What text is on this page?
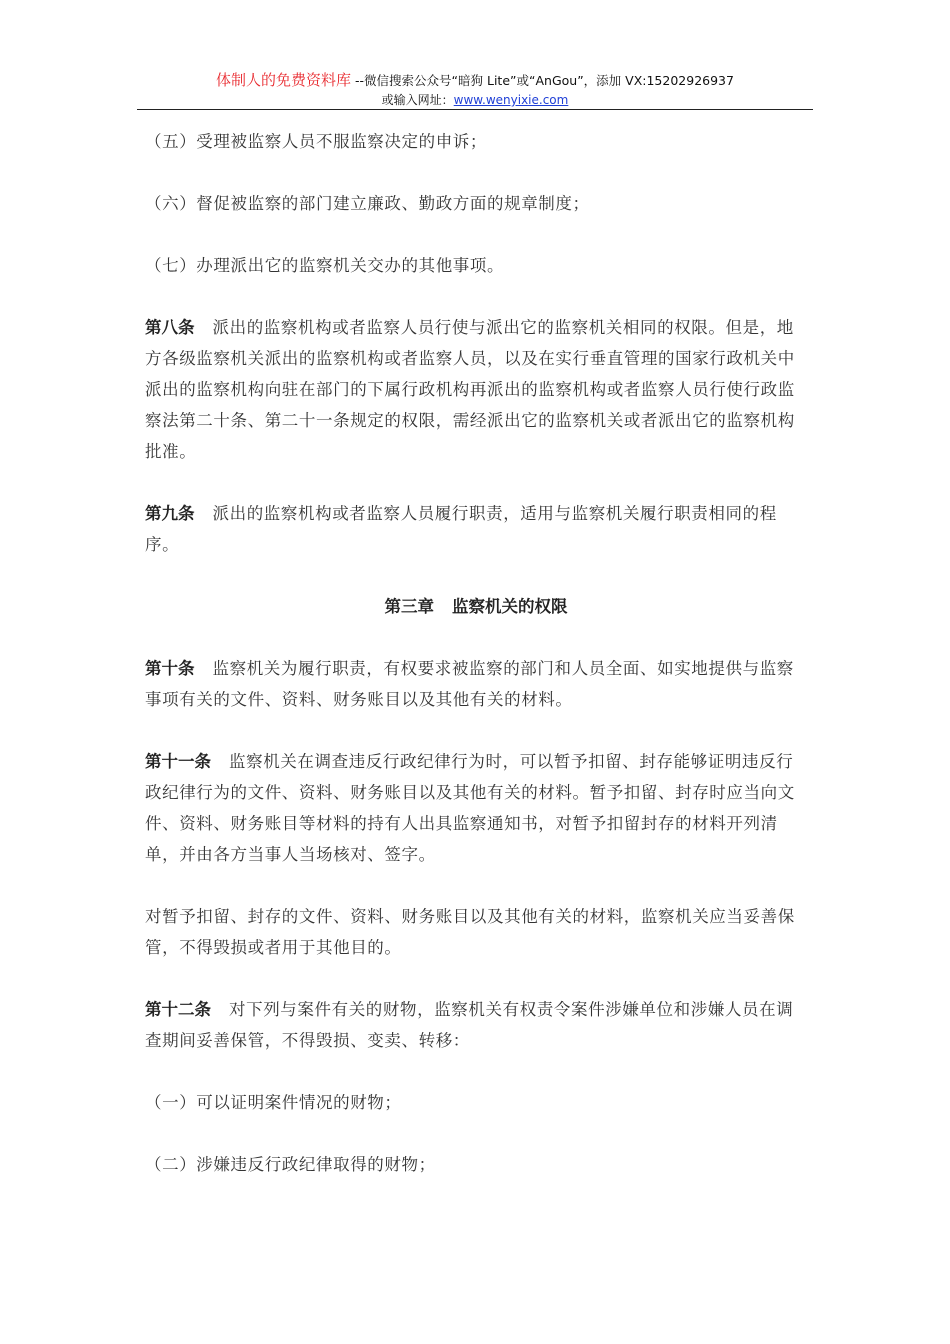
体制人的免费资料库 --微信搜索公众号“暗狗 Lite”或“AnGou”，添加 VX:15202926937
或输入网址：www.wenyixie.com

（五）受理被监察人员不服监察决定的申诉；

（六）督促被监察的部门建立廉政、勤政方面的规章制度；

（七）办理派出它的监察机关交办的其他事项。

第八条 派出的监察机构或者监察人员行使与派出它的监察机关相同的权限。但是，地方各级监察机关派出的监察机构或者监察人员，以及在实行垂直管理的国家行政机关中派出的监察机构向驻在部门的下属行政机构再派出的监察机构或者监察人员行使行政监察法第二十条、第二十一条规定的权限，需经派出它的监察机关或者派出它的监察机构批准。

第九条 派出的监察机构或者监察人员履行职责，适用与监察机关履行职责相同的程序。

第三章 监察机关的权限

第十条 监察机关为履行职责，有权要求被监察的部门和人员全面、如实地提供与监察事项有关的文件、资料、财务账目以及其他有关的材料。

第十一条 监察机关在调查违反行政纪律行为时，可以暂予扣留、封存能够证明违反行政纪律行为的文件、资料、财务账目以及其他有关的材料。暂予扣留、封存时应当向文件、资料、财务账目等材料的持有人出具监察通知书，对暂予扣留封存的材料开列清单，并由各方当事人当场核对、签字。

对暂予扣留、封存的文件、资料、财务账目以及其他有关的材料，监察机关应当妥善保管，不得毁损或者用于其他目的。

第十二条 对下列与案件有关的财物，监察机关有权责令案件涉嫌单位和涉嫌人员在调查期间妥善保管，不得毁损、变卖、转移：

（一）可以证明案件情况的财物；

（二）涉嫌违反行政纪律取得的财物；
